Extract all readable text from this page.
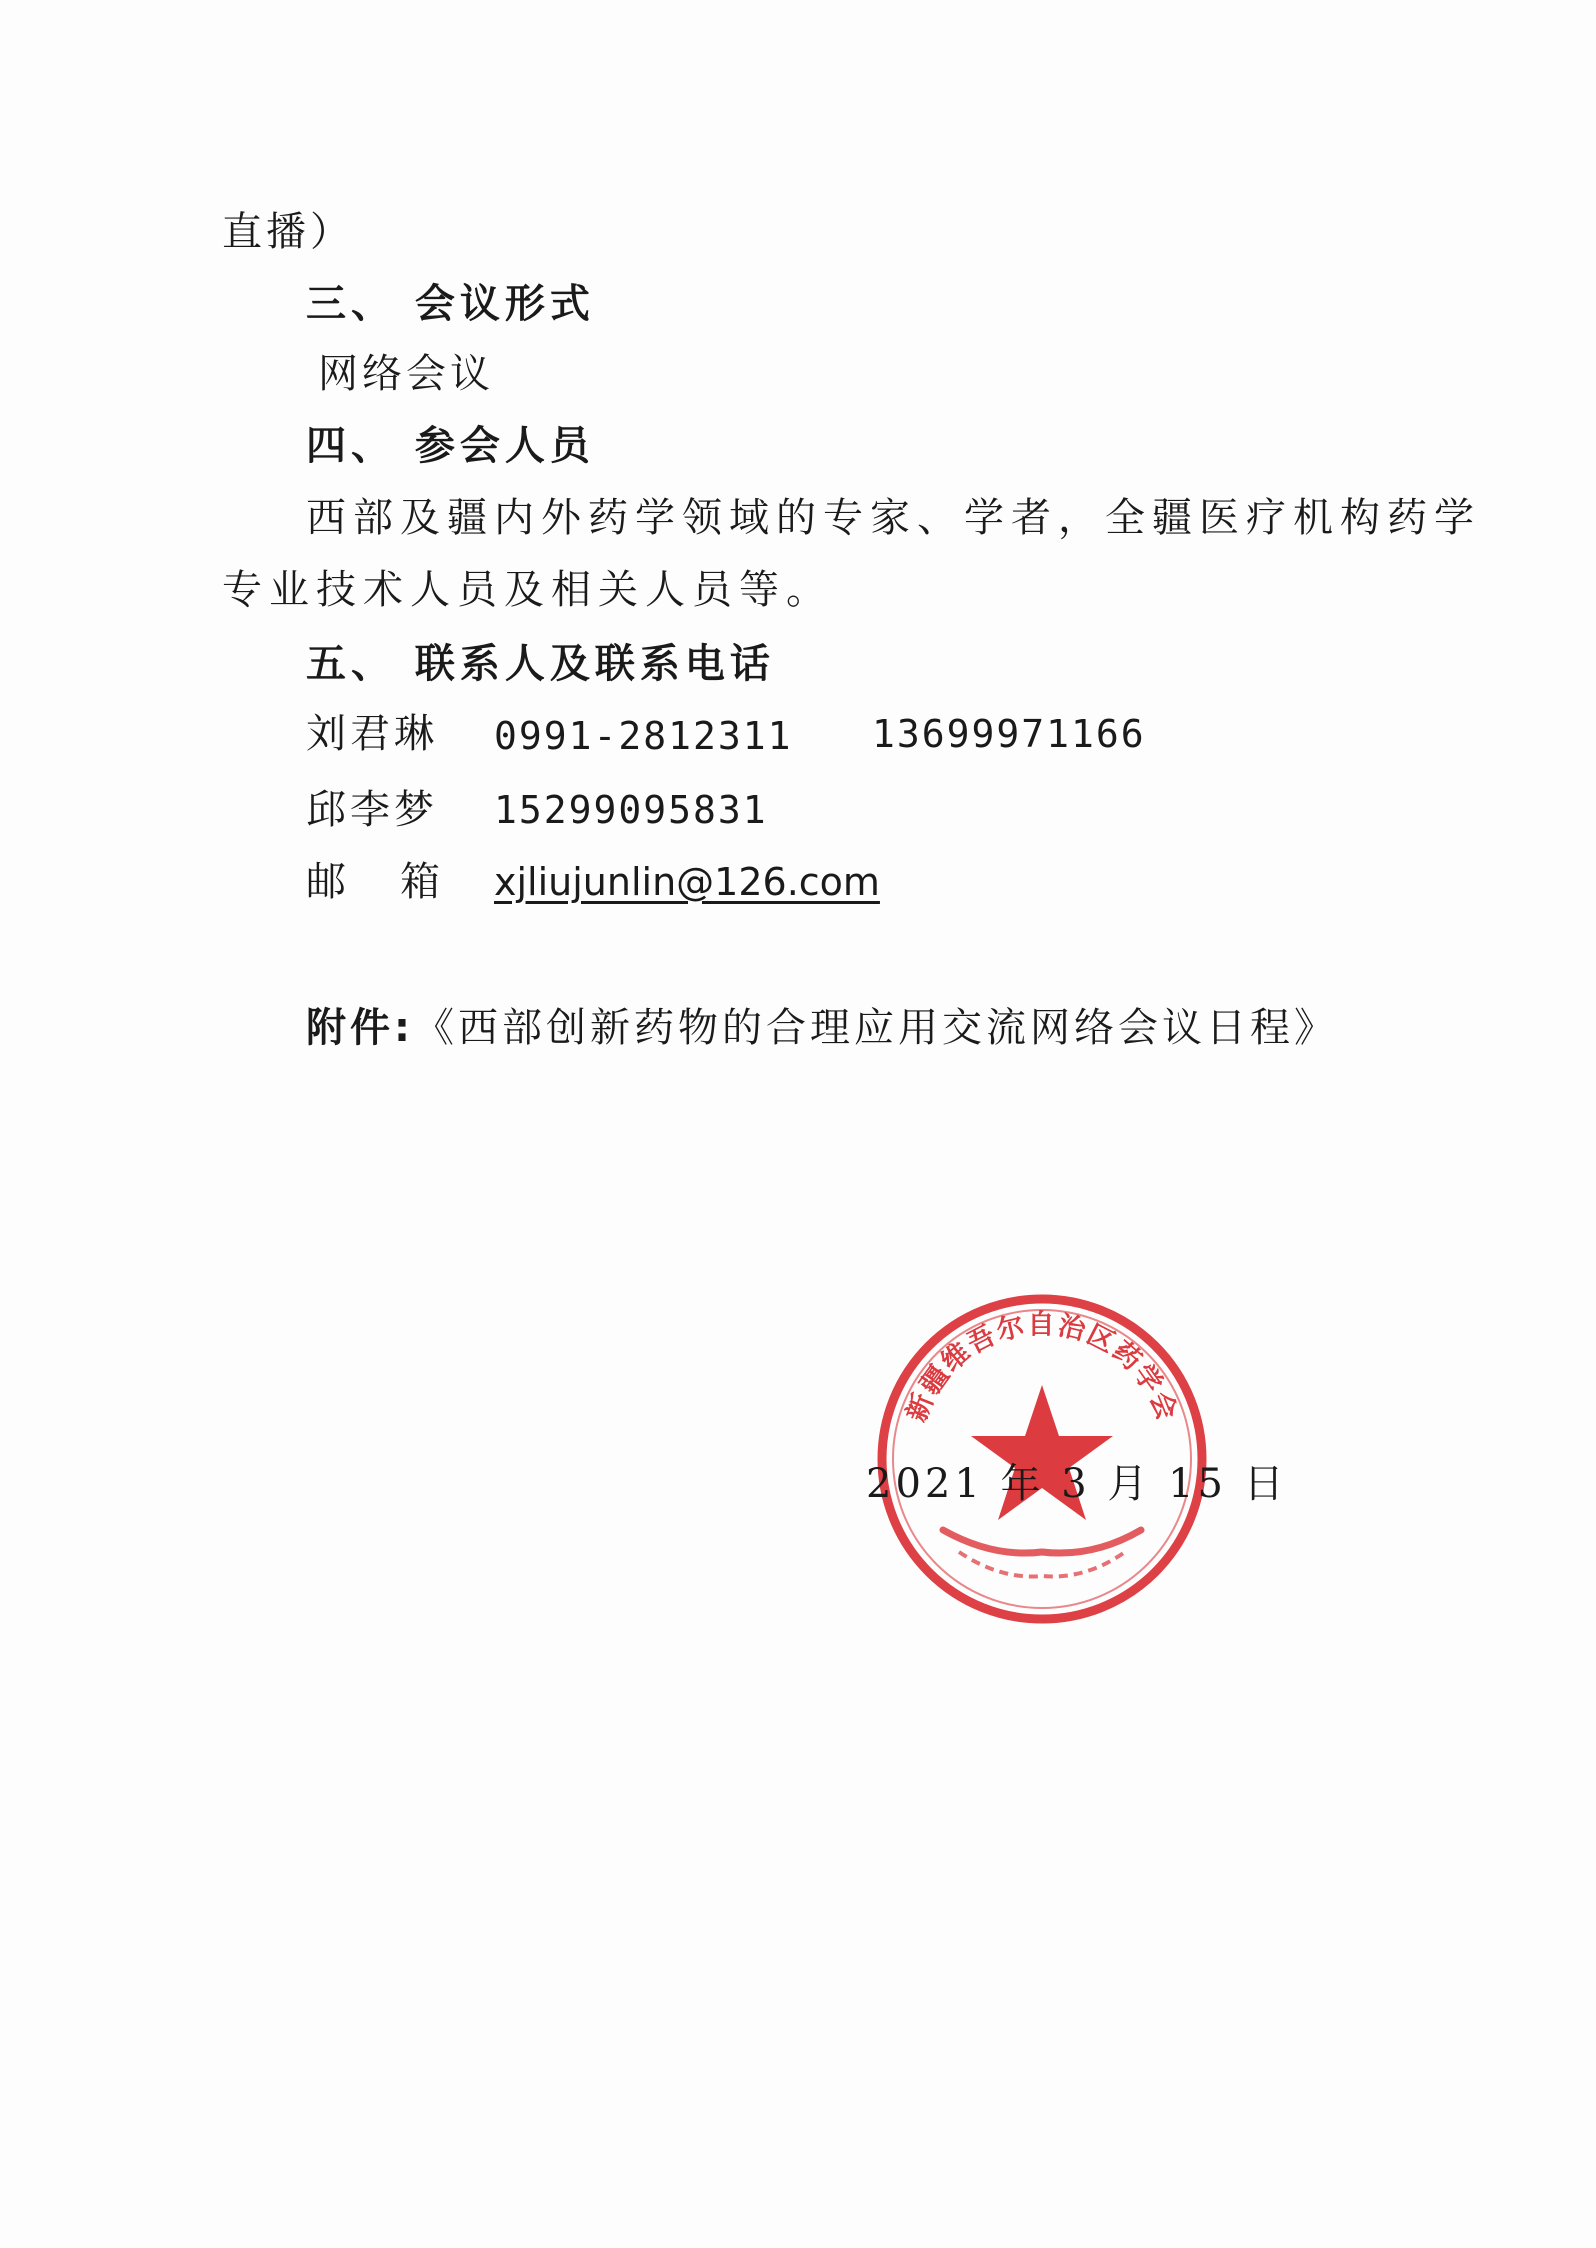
直播）
三、 会议形式
网络会议
四、 参会人员
西部及疆内外药学领域的专家、学者，全疆医疗机构药学
专业技术人员及相关人员等。
五、 联系人及联系电话
刘君琳 0991-2812311 13699971166
邱李梦 15299095831
邮   箱 xjliujunlin@126.com
附件:《西部创新药物的合理应用交流网络会议日程》
新疆维吾尔自治区药学会
2021 年 3 月 15 日
